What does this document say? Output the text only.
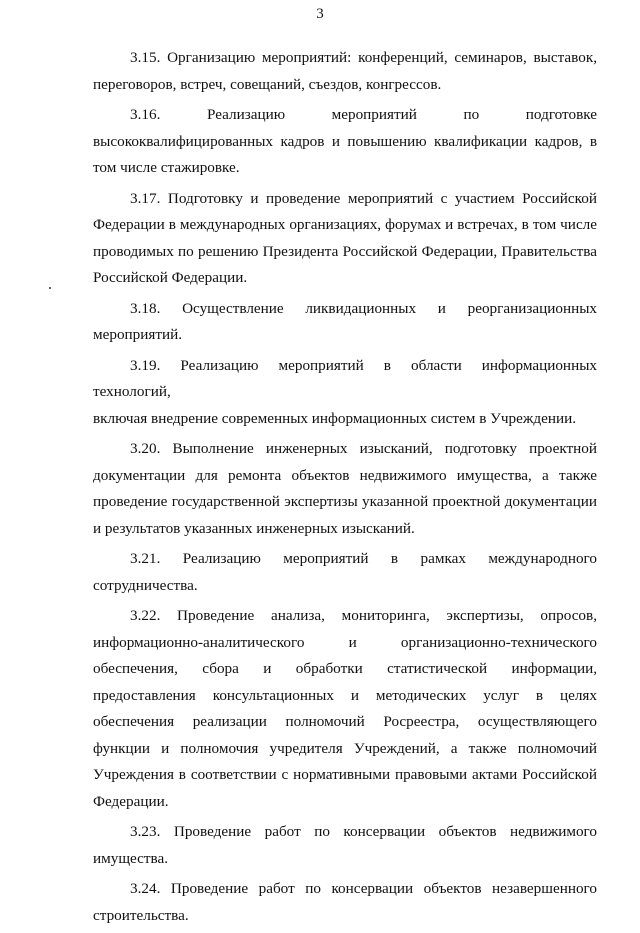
3

3.15. Организацию мероприятий: конференций, семинаров, выставок,
переговоров, встреч, совещаний, съездов, конгрессов.

3.16. Реализацию мероприятий по подготовке
высококвалифицированных кадров и повышению квалификации кадров, в том числе стажировке.

3.17. Подготовку и проведение мероприятий с участием Российской
Федерации в международных организациях, форумах и встречах, в том числе проводимых по решению Президента Российской Федерации, Правительства Российской Федерации.

3.18. Осуществление ликвидационных и реорганизационных
мероприятий.

3.19. Реализацию мероприятий в области информационных технологий,
включая внедрение современных информационных систем в Учреждении.

3.20. Выполнение инженерных изысканий, подготовку проектной
документации для ремонта объектов недвижимого имущества, а также проведение государственной экспертизы указанной проектной документации и результатов указанных инженерных изысканий.

3.21. Реализацию мероприятий в рамках международного
сотрудничества.

3.22. Проведение анализа, мониторинга, экспертизы, опросов,
информационно-аналитического и организационно-технического обеспечения, сбора и обработки статистической информации, предоставления консультационных и методических услуг в целях обеспечения реализации полномочий Росреестра, осуществляющего функции и полномочия учредителя Учреждений, а также полномочий Учреждения в соответствии с нормативными правовыми актами Российской Федерации.

3.23. Проведение работ по консервации объектов недвижимого
имущества.

3.24. Проведение работ по консервации объектов незавершенного
строительства.
